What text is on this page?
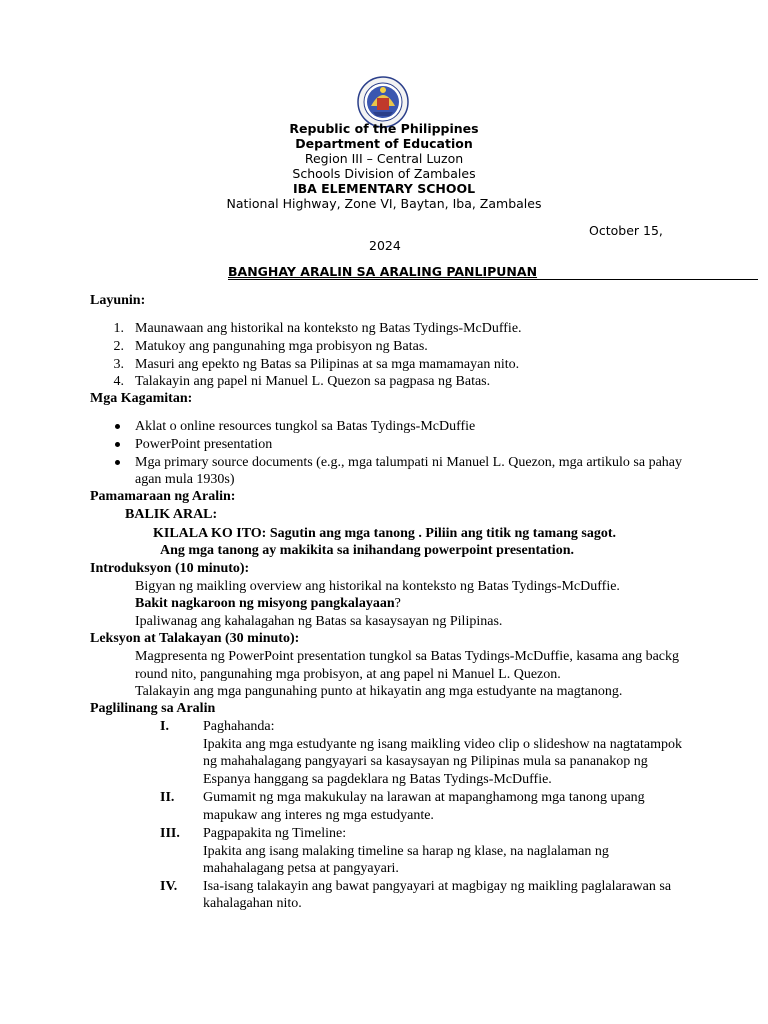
Republic of the Philippines
Department of Education
Region III – Central Luzon
Schools Division of Zambales
IBA ELEMENTARY SCHOOL
National Highway, Zone VI, Baytan, Iba, Zambales
October 15,
2024
BANGHAY ARALIN SA ARALING PANLIPUNAN
Layunin:
1. Maunawaan ang historikal na konteksto ng Batas Tydings-McDuffie.
2. Matukoy ang pangunahing mga probisyon ng Batas.
3. Masuri ang epekto ng Batas sa Pilipinas at sa mga mamamayan nito.
4. Talakayin ang papel ni Manuel L. Quezon sa pagpasa ng Batas.
Mga Kagamitan:
Aklat o online resources tungkol sa Batas Tydings-McDuffie
PowerPoint presentation
Mga primary source documents (e.g., mga talumpati ni Manuel L. Quezon, mga artikulo sa pahay
agan mula 1930s)
Pamamaraan ng Aralin:
BALIK ARAL:
KILALA KO ITO: Sagutin ang mga tanong . Piliin ang titik ng tamang sagot.
Ang mga tanong ay makikita sa inihandang powerpoint presentation.
Introduksyon (10 minuto):
Bigyan ng maikling overview ang historikal na konteksto ng Batas Tydings-McDuffie.
Bakit nagkaroon ng misyong pangkalayaan?
Ipaliwanag ang kahalagahan ng Batas sa kasaysayan ng Pilipinas.
Leksyon at Talakayan (30 minuto):
Magpresenta ng PowerPoint presentation tungkol sa Batas Tydings-McDuffie, kasama ang backg
round nito, pangunahing mga probisyon, at ang papel ni Manuel L. Quezon.
Talakayin ang mga pangunahing punto at hikayatin ang mga estudyante na magtanong.
Paglilinang sa Aralin
I. Paghahanda:
Ipakita ang mga estudyante ng isang maikling video clip o slideshow na nagtatampok
ng mahahalagang pangyayari sa kasaysayan ng Pilipinas mula sa pananakop ng
Espanya hanggang sa pagdeklara ng Batas Tydings-McDuffie.
II. Gumamit ng mga makukulay na larawan at mapanghamong mga tanong upang
mapukaw ang interes ng mga estudyante.
III. Pagpapakita ng Timeline:
Ipakita ang isang malaking timeline sa harap ng klase, na naglalaman ng
mahahalagang petsa at pangyayari.
IV. Isa-isang talakayin ang bawat pangyayari at magbigay ng maikling paglalarawan sa
kahalagahan nito.
